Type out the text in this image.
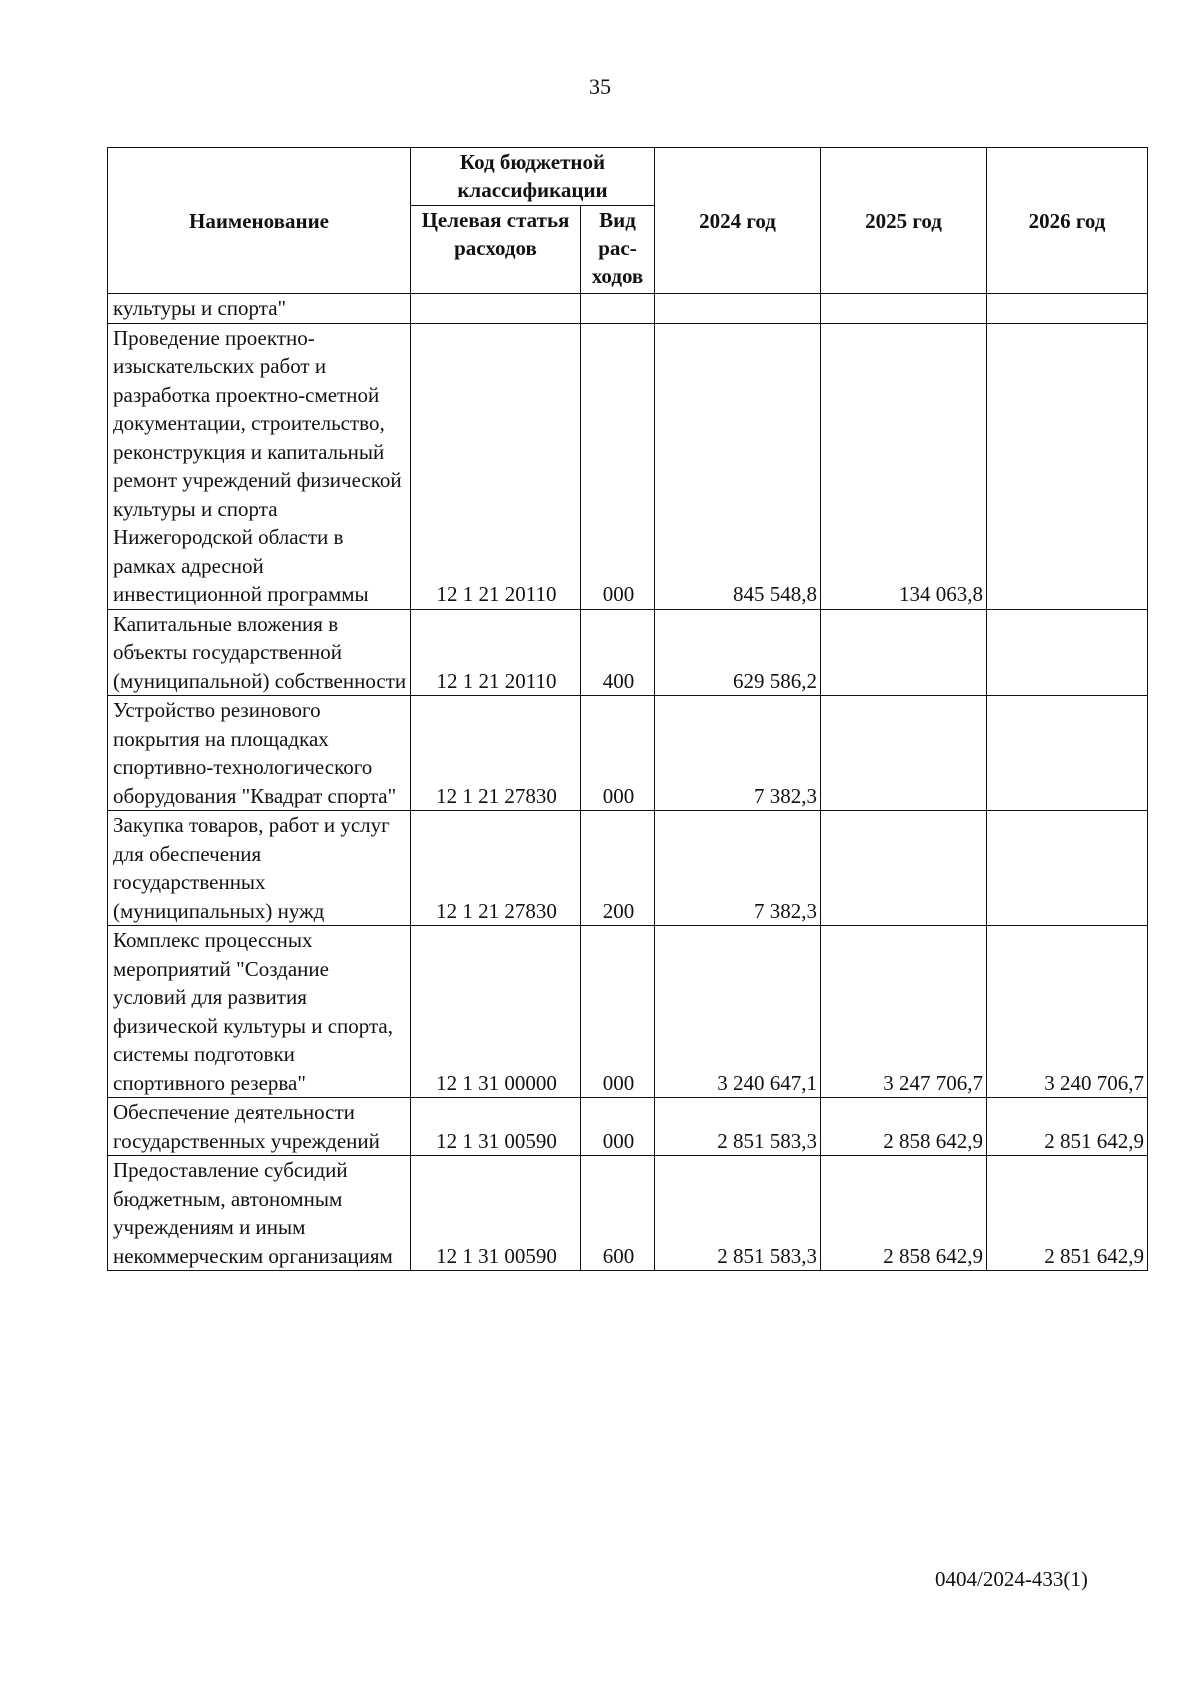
35
Наименование	Код бюджетной классификации		2024 год	2025 год	2026 год
	Целевая статья расходов	Вид рас-ходов			
культуры и спорта"					
Проведение проектно-изыскательских работ и разработка проектно-сметной документации, строительство, реконструкция и капитальный ремонт учреждений физической культуры и спорта Нижегородской области в рамках адресной инвестиционной программы	12 1 21 20110	000	845 548,8	134 063,8	
Капитальные вложения в объекты государственной (муниципальной) собственности	12 1 21 20110	400	629 586,2		
Устройство резинового покрытия на площадках спортивно-технологического оборудования "Квадрат спорта"	12 1 21 27830	000	7 382,3		
Закупка товаров, работ и услуг для обеспечения государственных (муниципальных) нужд	12 1 21 27830	200	7 382,3		
Комплекс процессных мероприятий "Создание условий для развития физической культуры и спорта, системы подготовки спортивного резерва"	12 1 31 00000	000	3 240 647,1	3 247 706,7	3 240 706,7
Обеспечение деятельности государственных учреждений	12 1 31 00590	000	2 851 583,3	2 858 642,9	2 851 642,9
Предоставление субсидий бюджетным, автономным учреждениям и иным некоммерческим организациям	12 1 31 00590	600	2 851 583,3	2 858 642,9	2 851 642,9
0404/2024-433(1)
